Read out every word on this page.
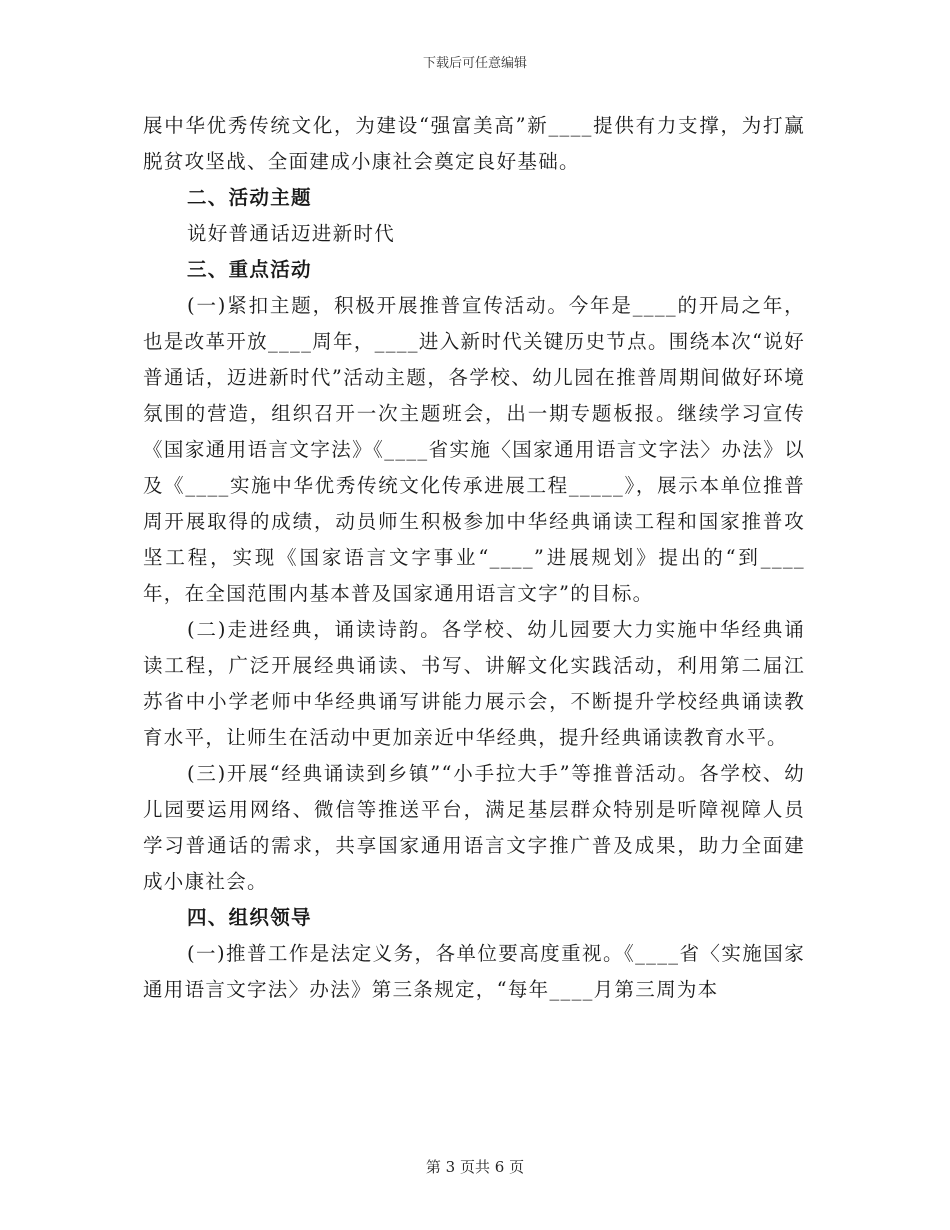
下载后可任意编辑

展中华优秀传统文化，为建设“强富美高”新____提供有力支撑，为打赢脱贫攻坚战、全面建成小康社会奠定良好基础。

二、活动主题

说好普通话迈进新时代

三、重点活动

(一)紧扣主题，积极开展推普宣传活动。今年是____的开局之年，也是改革开放____周年，____进入新时代关键历史节点。围绕本次“说好普通话，迈进新时代”活动主题，各学校、幼儿园在推普周期间做好环境氛围的营造，组织召开一次主题班会，出一期专题板报。继续学习宣传《国家通用语言文字法》《____省实施〈国家通用语言文字法〉办法》以及《____实施中华优秀传统文化传承进展工程_____》，展示本单位推普周开展取得的成绩，动员师生积极参加中华经典诵读工程和国家推普攻坚工程，实现《国家语言文字事业“____”进展规划》提出的“到____年，在全国范围内基本普及国家通用语言文字”的目标。

(二)走进经典，诵读诗韵。各学校、幼儿园要大力实施中华经典诵读工程，广泛开展经典诵读、书写、讲解文化实践活动，利用第二届江苏省中小学老师中华经典诵写讲能力展示会，不断提升学校经典诵读教育水平，让师生在活动中更加亲近中华经典，提升经典诵读教育水平。

(三)开展“经典诵读到乡镇”“小手拉大手”等推普活动。各学校、幼儿园要运用网络、微信等推送平台，满足基层群众特别是听障视障人员学习普通话的需求，共享国家通用语言文字推广普及成果，助力全面建成小康社会。

四、组织领导

(一)推普工作是法定义务，各单位要高度重视。《____省〈实施国家通用语言文字法〉办法》第三条规定，“每年____月第三周为本

第 3 页共 6 页
